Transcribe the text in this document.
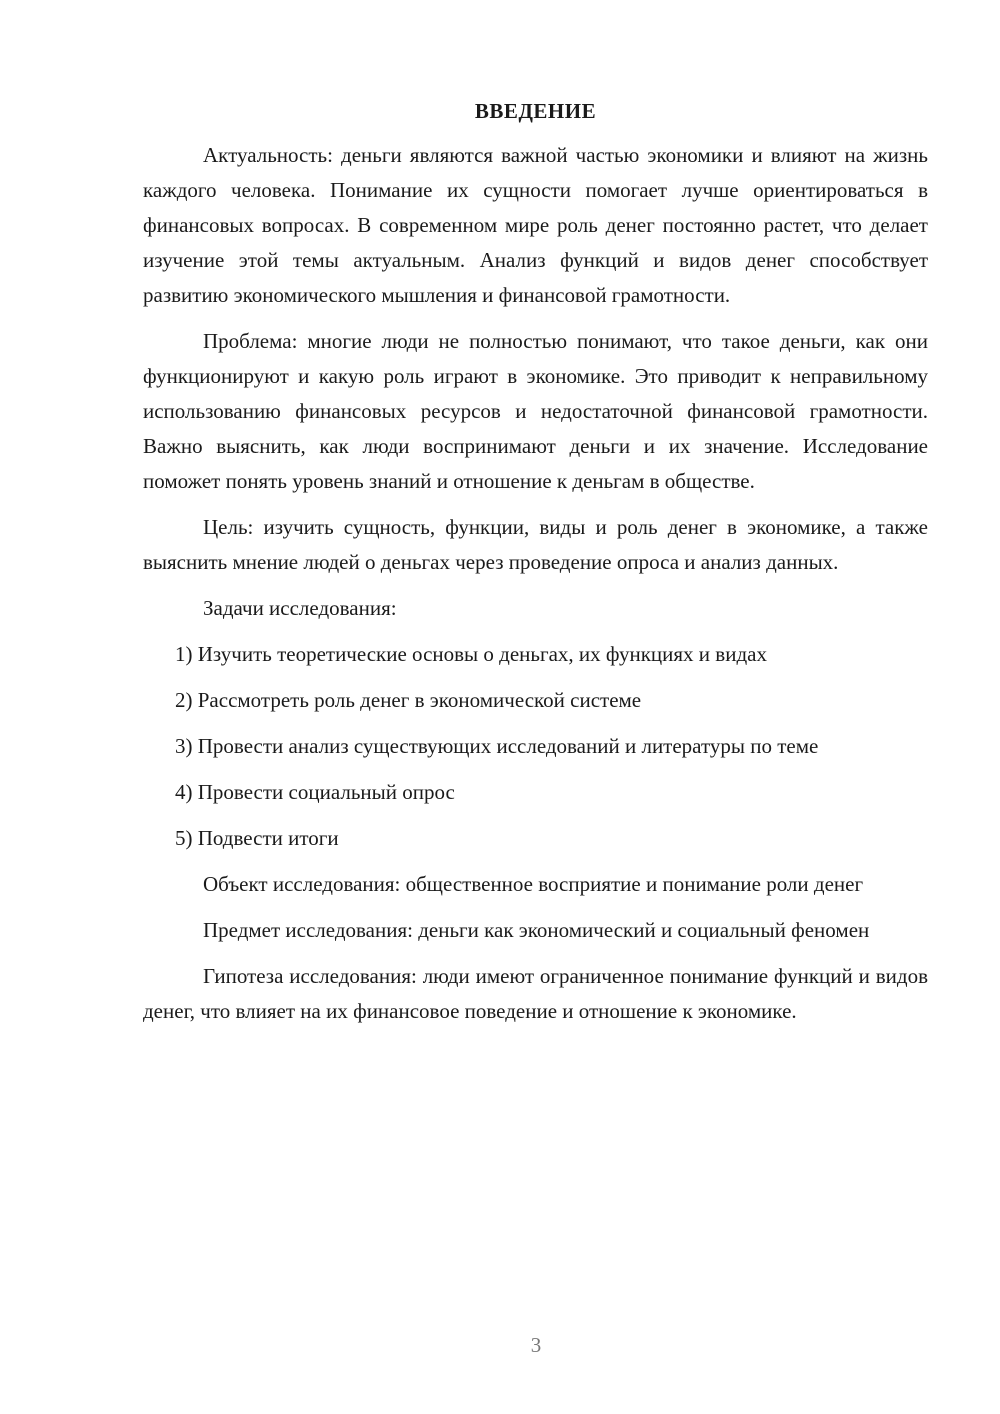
ВВЕДЕНИЕ

Актуальность: деньги являются важной частью экономики и влияют на жизнь каждого человека. Понимание их сущности помогает лучше ориентироваться в финансовых вопросах. В современном мире роль денег постоянно растет, что делает изучение этой темы актуальным. Анализ функций и видов денег способствует развитию экономического мышления и финансовой грамотности.

Проблема: многие люди не полностью понимают, что такое деньги, как они функционируют и какую роль играют в экономике. Это приводит к неправильному использованию финансовых ресурсов и недостаточной финансовой грамотности. Важно выяснить, как люди воспринимают деньги и их значение. Исследование поможет понять уровень знаний и отношение к деньгам в обществе.

Цель: изучить сущность, функции, виды и роль денег в экономике, а также выяснить мнение людей о деньгах через проведение опроса и анализ данных.

Задачи исследования:

1) Изучить теоретические основы о деньгах, их функциях и видах

2) Рассмотреть роль денег в экономической системе

3) Провести анализ существующих исследований и литературы по теме

4) Провести социальный опрос

5) Подвести итоги

Объект исследования: общественное восприятие и понимание роли денег

Предмет исследования: деньги как экономический и социальный феномен

Гипотеза исследования: люди имеют ограниченное понимание функций и видов денег, что влияет на их финансовое поведение и отношение к экономике.

3
